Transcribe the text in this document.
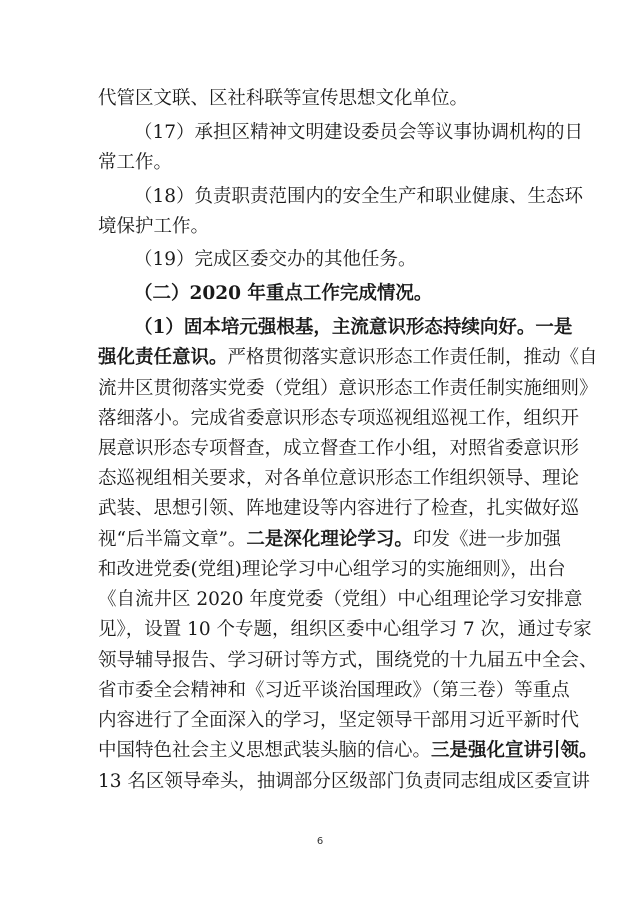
代管区文联、区社科联等宣传思想文化单位。
（17）承担区精神文明建设委员会等议事协调机构的日
常工作。
（18）负责职责范围内的安全生产和职业健康、生态环
境保护工作。
（19）完成区委交办的其他任务。
（二）2020 年重点工作完成情况。
（1）固本培元强根基，主流意识形态持续向好。一是
强化责任意识。严格贯彻落实意识形态工作责任制，推动《自
流井区贯彻落实党委（党组）意识形态工作责任制实施细则》
落细落小。完成省委意识形态专项巡视组巡视工作，组织开
展意识形态专项督查，成立督查工作小组，对照省委意识形
态巡视组相关要求，对各单位意识形态工作组织领导、理论
武装、思想引领、阵地建设等内容进行了检查，扎实做好巡
视“后半篇文章”。二是深化理论学习。印发《进一步加强
和改进党委(党组)理论学习中心组学习的实施细则》，出台
《自流井区 2020 年度党委（党组）中心组理论学习安排意
见》，设置 10 个专题，组织区委中心组学习 7 次，通过专家
领导辅导报告、学习研讨等方式，围绕党的十九届五中全会、
省市委全会精神和《习近平谈治国理政》（第三卷）等重点
内容进行了全面深入的学习，坚定领导干部用习近平新时代
中国特色社会主义思想武装头脑的信心。三是强化宣讲引领。
13 名区领导牵头，抽调部分区级部门负责同志组成区委宣讲
6
